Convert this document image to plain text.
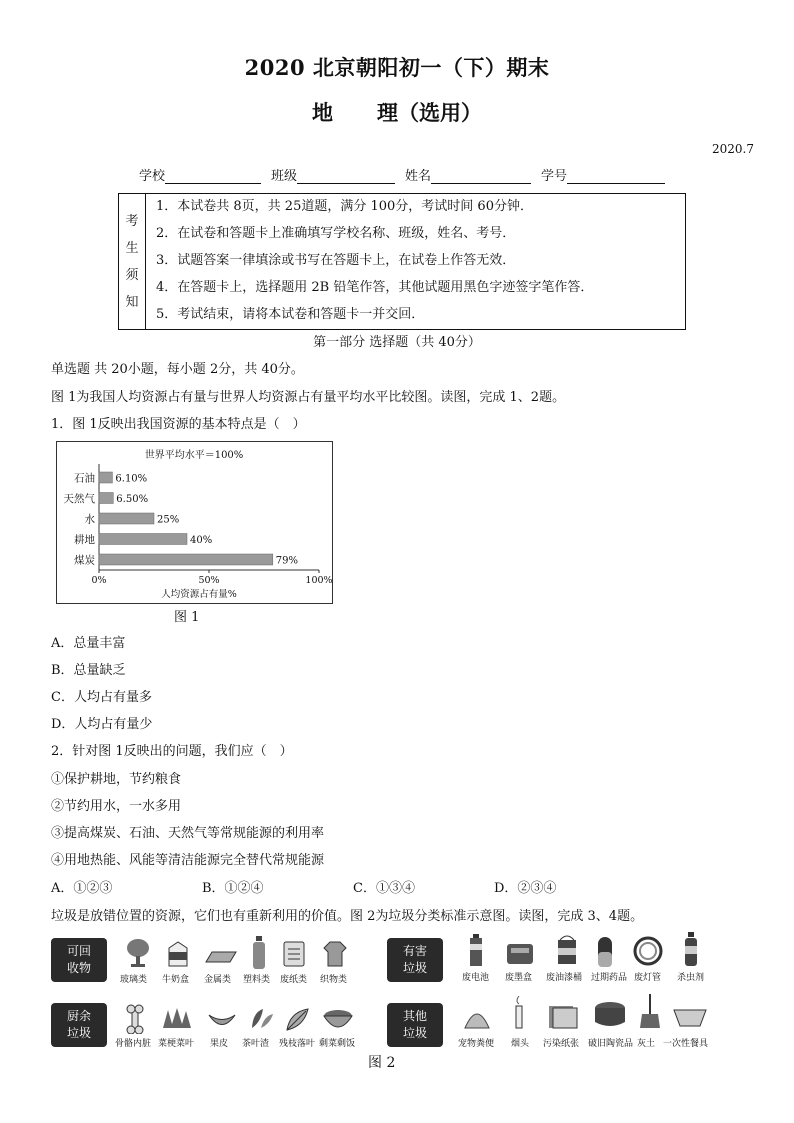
2020 北京朝阳初一（下）期末
地 理（选用）
2020.7
学校	班级	姓名	学号
考
生
须
知

1．本试卷共 8页，共 25道题，满分 100分，考试时间 60分钟．
2．在试卷和答题卡上准确填写学校名称、班级，姓名、考号．
3．试题答案一律填涂或书写在答题卡上，在试卷上作答无效．
4．在答题卡上，选择题用 2B 铅笔作答，其他试题用黑色字迹签字笔作答．
5．考试结束，请将本试卷和答题卡一并交回．
第一部分 选择题（共 40分）
单选题 共 20小题，每小题 2分，共 40分。
图 1为我国人均资源占有量与世界人均资源占有量平均水平比较图。读图，完成 1、2题。
1．图 1反映出我国资源的基本特点是（　）
世界平均水平＝100%
石油 6.10%
天然气 6.50%
水	25%
耕地	40%
煤炭	79%
0%	50%	100%
人均资源占有量%
图 1
A．总量丰富
B．总量缺乏
C．人均占有量多
D．人均占有量少
2．针对图 1反映出的问题，我们应（　）
①保护耕地，节约粮食
②节约用水，一水多用
③提高煤炭、石油、天然气等常规能源的利用率
④用地热能、风能等清洁能源完全替代常规能源
A．①②③	B．①②④	C．①③④	D．②③④
垃圾是放错位置的资源，它们也有重新利用的价值。图 2为垃圾分类标准示意图。读图，完成 3、4题。
可回
收物
有害
垃圾
厨余
垃圾
其他
垃圾
玻璃类 牛奶盒 金属类 塑料类 废纸类 织物类	废电池 废墨盒 废油漆桶 过期药品 废灯管 杀虫剂
骨骼内脏 菜梗菜叶 果皮 茶叶渣 残枝落叶 剩菜剩饭	宠物粪便 烟头 污染纸张 破旧陶瓷品 灰土 一次性餐具
图 2
